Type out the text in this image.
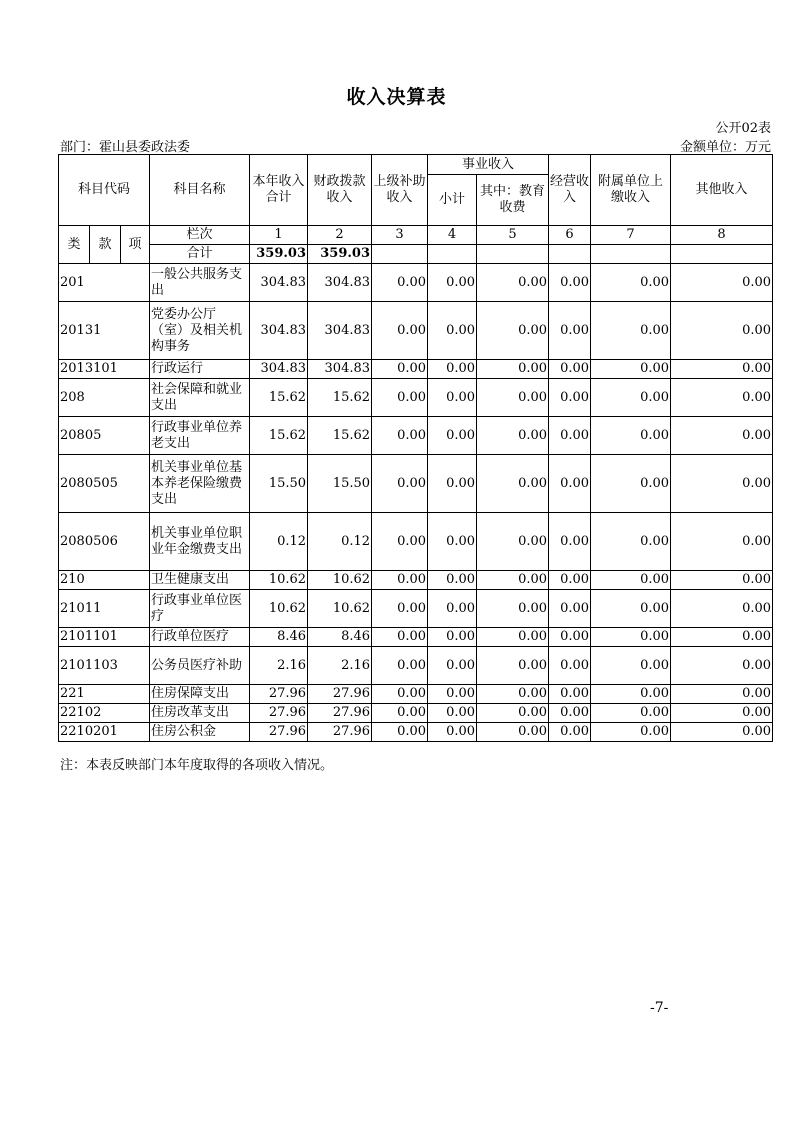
收入决算表
公开02表
部门：霍山县委政法委	金额单位：万元
科目代码			科目名称	本年收入合计	财政拨款收入	上级补助收入	事业收入		经营收入	附属单位上缴收入	其他收入
							小计	其中：教育收费			
类	款	项	栏次	1	2	3	4	5	6	7	8
			合计	359.03	359.03						
201			一般公共服务支出	304.83	304.83	0.00	0.00	0.00	0.00	0.00	0.00
20131			党委办公厅（室）及相关机构事务	304.83	304.83	0.00	0.00	0.00	0.00	0.00	0.00
2013101			行政运行	304.83	304.83	0.00	0.00	0.00	0.00	0.00	0.00
208			社会保障和就业支出	15.62	15.62	0.00	0.00	0.00	0.00	0.00	0.00
20805			行政事业单位养老支出	15.62	15.62	0.00	0.00	0.00	0.00	0.00	0.00
2080505			机关事业单位基本养老保险缴费支出	15.50	15.50	0.00	0.00	0.00	0.00	0.00	0.00
2080506			机关事业单位职业年金缴费支出	0.12	0.12	0.00	0.00	0.00	0.00	0.00	0.00
210			卫生健康支出	10.62	10.62	0.00	0.00	0.00	0.00	0.00	0.00
21011			行政事业单位医疗	10.62	10.62	0.00	0.00	0.00	0.00	0.00	0.00
2101101			行政单位医疗	8.46	8.46	0.00	0.00	0.00	0.00	0.00	0.00
2101103			公务员医疗补助	2.16	2.16	0.00	0.00	0.00	0.00	0.00	0.00
221			住房保障支出	27.96	27.96	0.00	0.00	0.00	0.00	0.00	0.00
22102			住房改革支出	27.96	27.96	0.00	0.00	0.00	0.00	0.00	0.00
2210201			住房公积金	27.96	27.96	0.00	0.00	0.00	0.00	0.00	0.00
注：本表反映部门本年度取得的各项收入情况。
-7-
